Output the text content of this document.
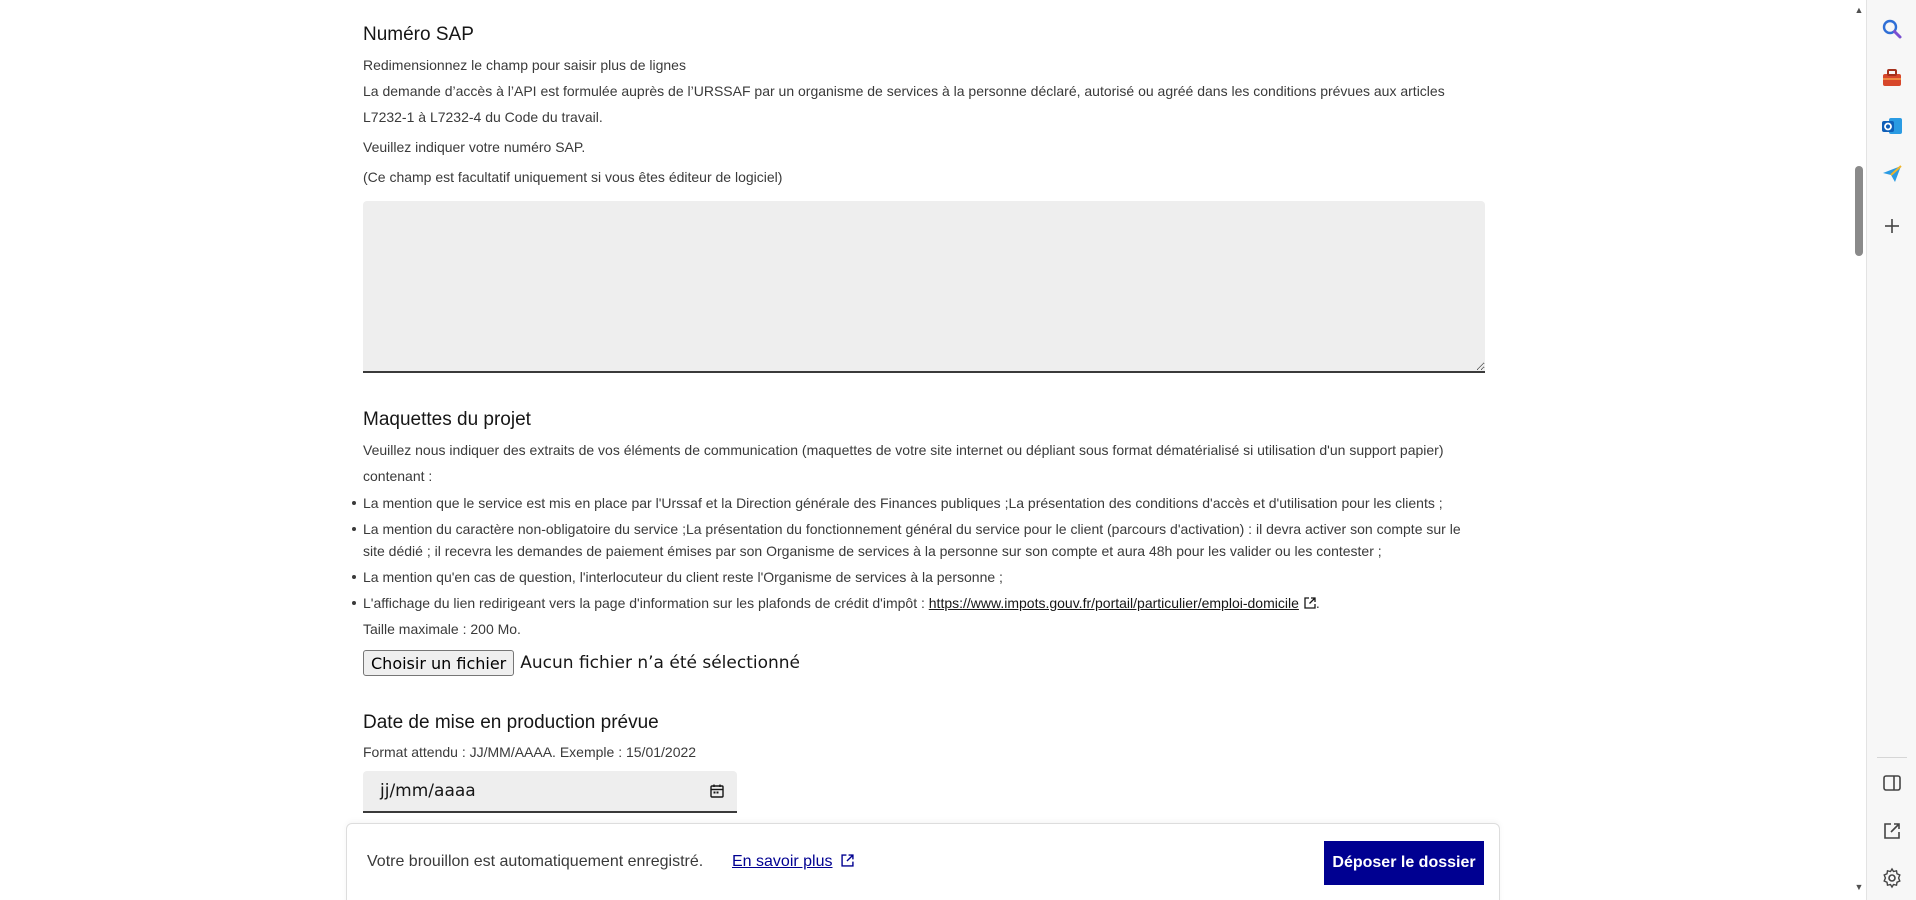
Numéro SAP

Redimensionnez le champ pour saisir plus de lignes

La demande d’accès à l’API est formulée auprès de l’URSSAF par un organisme de services à la personne déclaré, autorisé ou agréé dans les conditions prévues aux articles L7232-1 à L7232-4 du Code du travail.

Veuillez indiquer votre numéro SAP.

(Ce champ est facultatif uniquement si vous êtes éditeur de logiciel)

Maquettes du projet

Veuillez nous indiquer des extraits de vos éléments de communication (maquettes de votre site internet ou dépliant sous format dématérialisé si utilisation d'un support papier) contenant :

La mention que le service est mis en place par l'Urssaf et la Direction générale des Finances publiques ;La présentation des conditions d'accès et d'utilisation pour les clients ;
La mention du caractère non-obligatoire du service ;La présentation du fonctionnement général du service pour le client (parcours d'activation) : il devra activer son compte sur le site dédié ; il recevra les demandes de paiement émises par son Organisme de services à la personne sur son compte et aura 48h pour les valider ou les contester ;
La mention qu'en cas de question, l'interlocuteur du client reste l'Organisme de services à la personne ;
L'affichage du lien redirigeant vers la page d'information sur les plafonds de crédit d'impôt : https://www.impots.gouv.fr/portail/particulier/emploi-domicile .

Taille maximale : 200 Mo.

Choisir un fichier Aucun fichier n’a été sélectionné

Date de mise en production prévue

Format attendu : JJ/MM/AAAA. Exemple : 15/01/2022

jj/mm/aaaa
Votre brouillon est automatiquement enregistré. En savoir plus	Déposer le dossier
▲
▼
